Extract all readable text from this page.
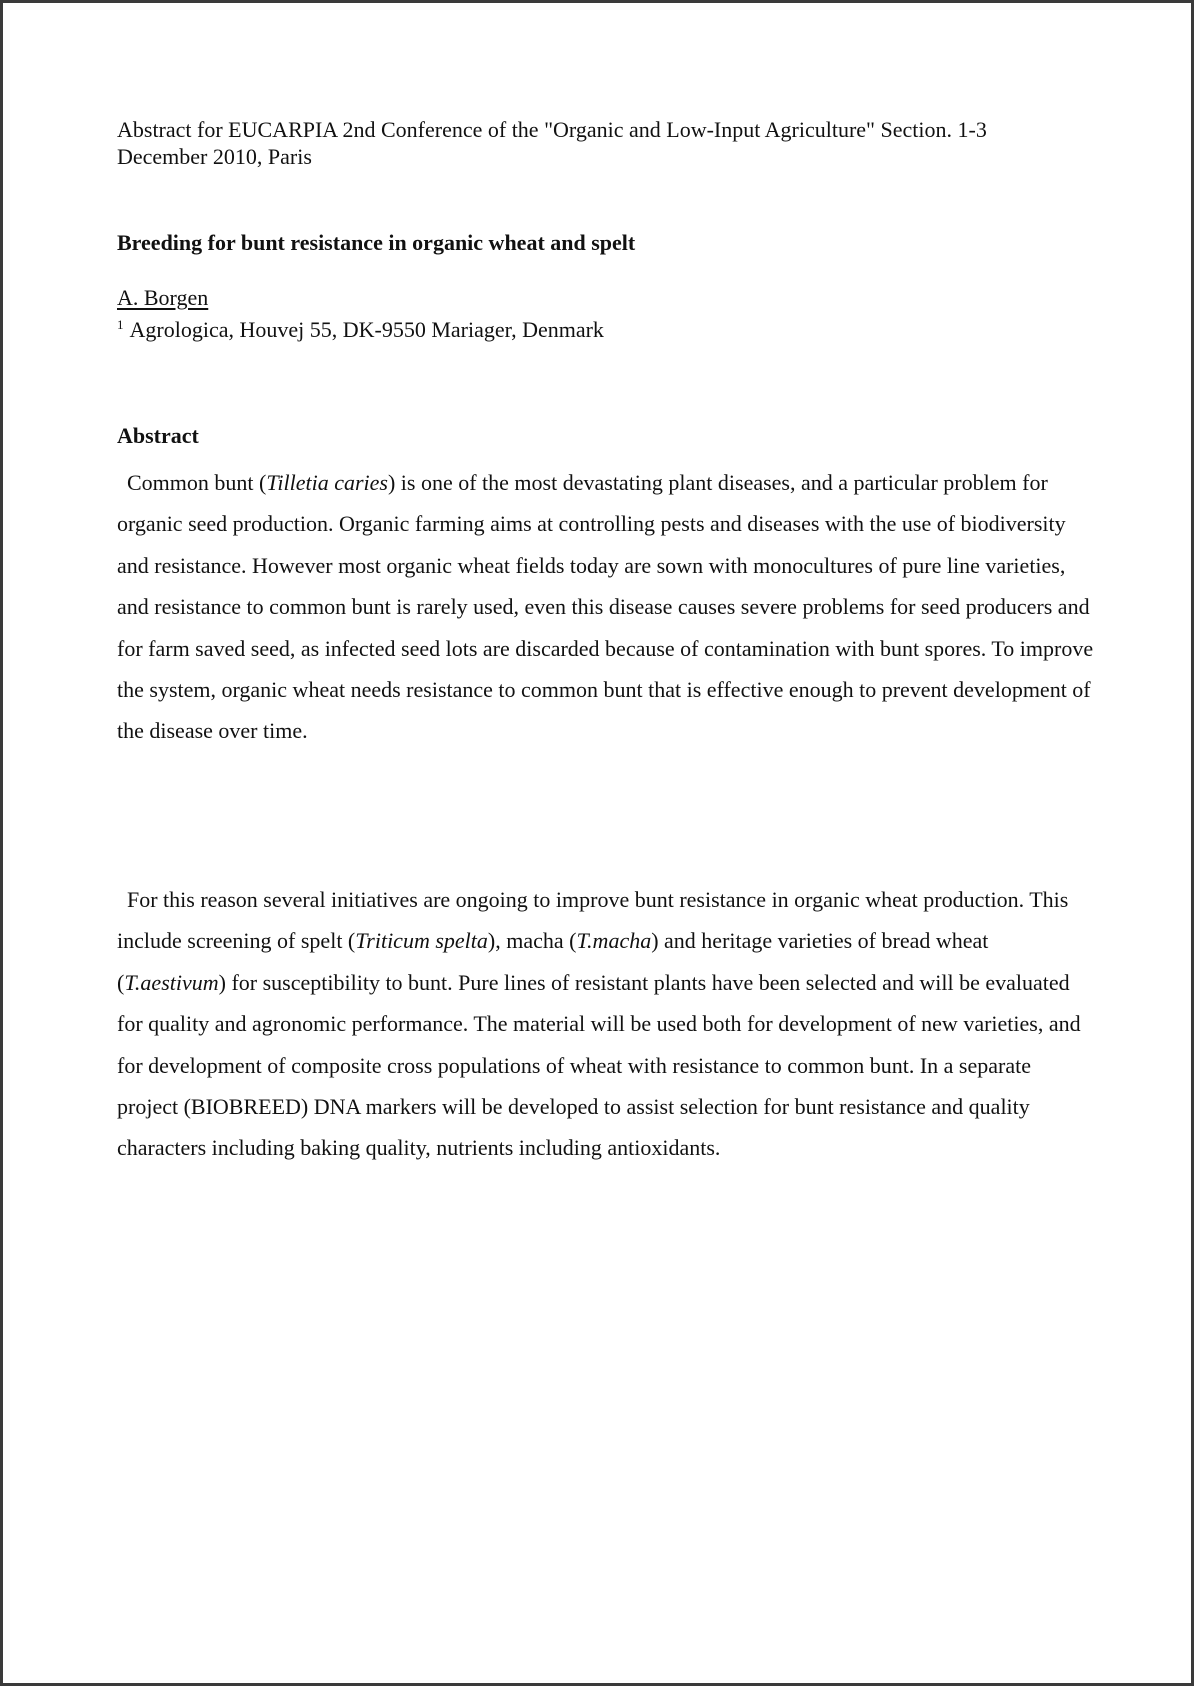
Abstract for EUCARPIA 2nd Conference of the "Organic and Low-Input Agriculture" Section. 1-3

December 2010, Paris

Breeding for bunt resistance in organic wheat and spelt
A. Borgen
$^1$ Agrologica, Houvej 55, DK-9550 Mariager, Denmark
Abstract

Common bunt (Tilletia caries) is one of the most devastating plant diseases, and a particular problem for organic seed production. Organic farming aims at controlling pests and diseases with the use of biodiversity and resistance. However most organic wheat fields today are sown with monocultures of pure line varieties, and resistance to common bunt is rarely used, even this disease causes severe problems for seed producers and for farm saved seed, as infected seed lots are discarded because of contamination with bunt spores. To improve the system, organic wheat needs resistance to common bunt that is effective enough to prevent development of the disease over time.

For this reason several initiatives are ongoing to improve bunt resistance in organic wheat production. This include screening of spelt (Triticum spelta), macha (T.macha) and heritage varieties of bread wheat (T.aestivum) for susceptibility to bunt. Pure lines of resistant plants have been selected and will be evaluated for quality and agronomic performance. The material will be used both for development of new varieties, and for development of composite cross populations of wheat with resistance to common bunt. In a separate project (BIOBREED) DNA markers will be developed to assist selection for bunt resistance and quality characters including baking quality, nutrients including antioxidants.
